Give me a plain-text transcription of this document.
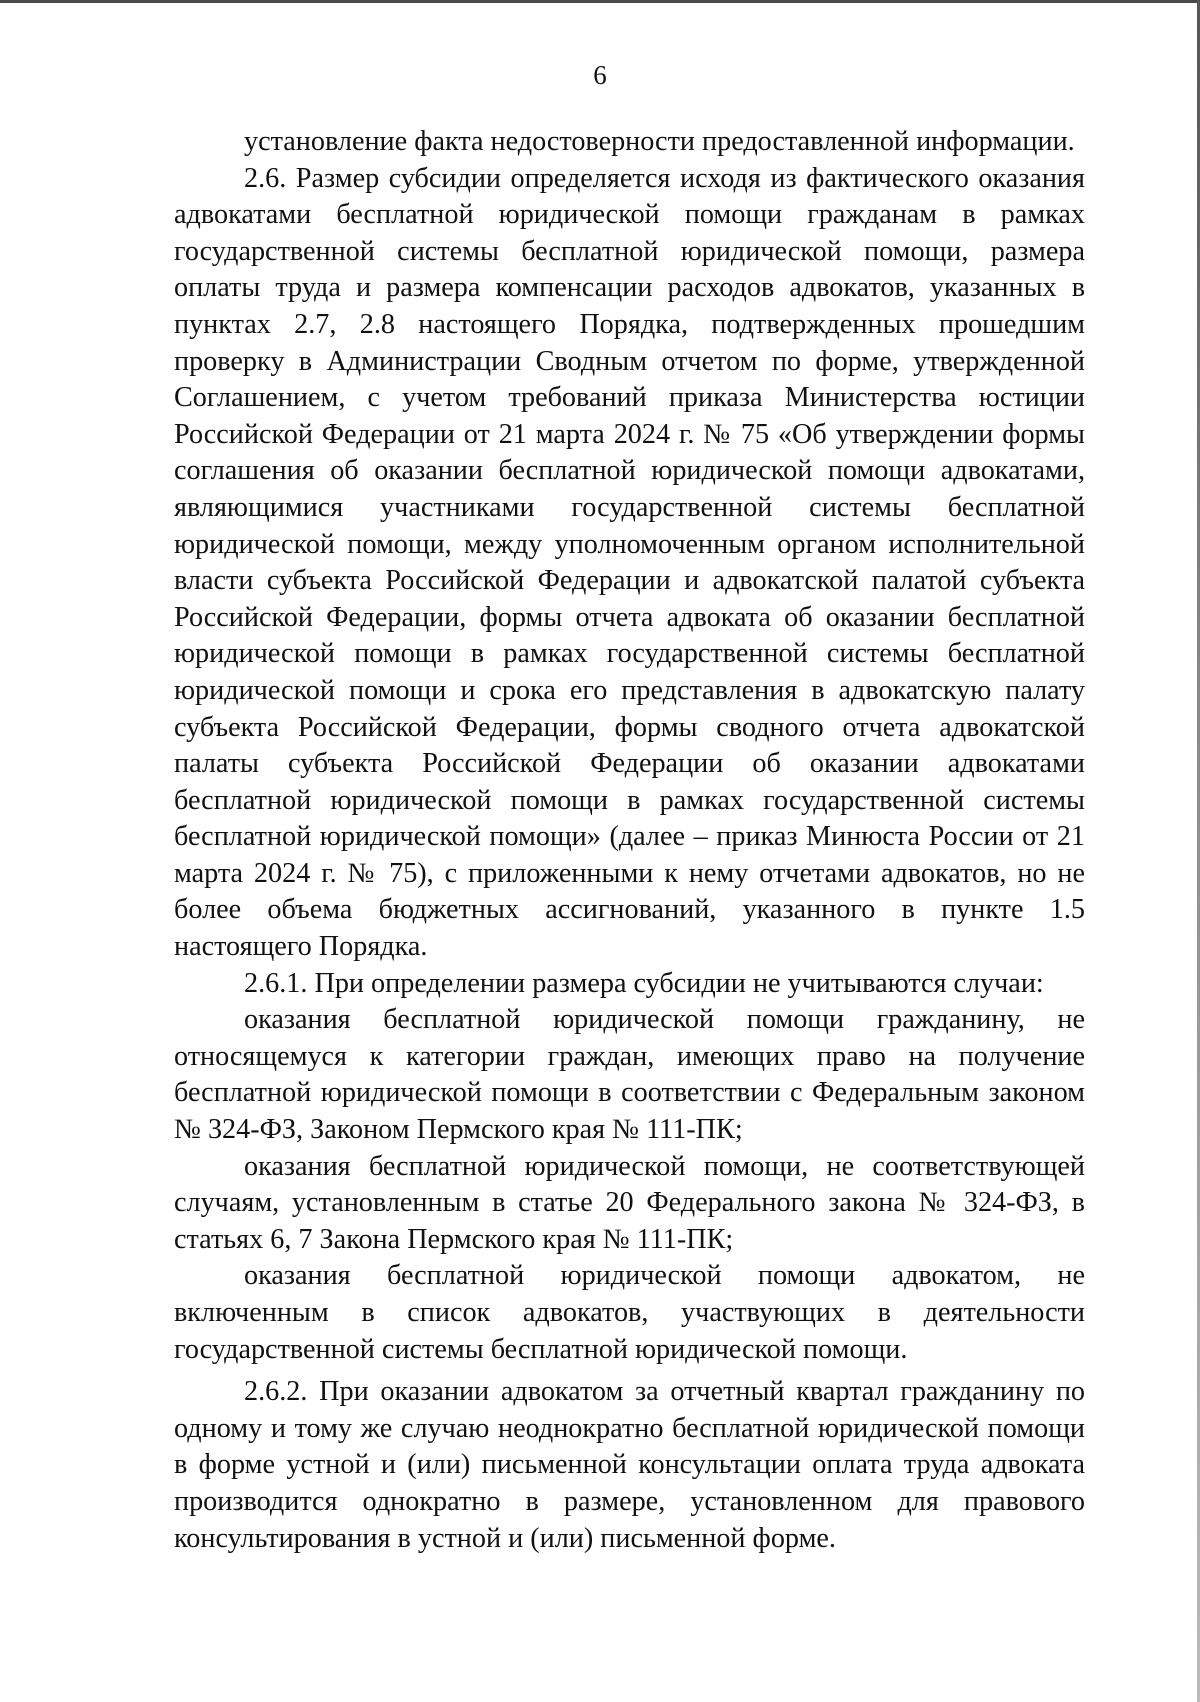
6

установление факта недостоверности предоставленной информации.

2.6. Размер субсидии определяется исходя из фактического оказания адвокатами бесплатной юридической помощи гражданам в рамках государственной системы бесплатной юридической помощи, размера оплаты труда и размера компенсации расходов адвокатов, указанных в пунктах 2.7, 2.8 настоящего Порядка, подтвержденных прошедшим проверку в Администрации Сводным отчетом по форме, утвержденной Соглашением, с учетом требований приказа Министерства юстиции Российской Федерации от 21 марта 2024 г. № 75 «Об утверждении формы соглашения об оказании бесплатной юридической помощи адвокатами, являющимися участниками государственной системы бесплатной юридической помощи, между уполномоченным органом исполнительной власти субъекта Российской Федерации и адвокатской палатой субъекта Российской Федерации, формы отчета адвоката об оказании бесплатной юридической помощи в рамках государственной системы бесплатной юридической помощи и срока его представления в адвокатскую палату субъекта Российской Федерации, формы сводного отчета адвокатской палаты субъекта Российской Федерации об оказании адвокатами бесплатной юридической помощи в рамках государственной системы бесплатной юридической помощи» (далее – приказ Минюста России от 21 марта 2024 г. № 75), с приложенными к нему отчетами адвокатов, но не более объема бюджетных ассигнований, указанного в пункте 1.5 настоящего Порядка.

2.6.1. При определении размера субсидии не учитываются случаи:

оказания бесплатной юридической помощи гражданину, не относящемуся к категории граждан, имеющих право на получение бесплатной юридической помощи в соответствии с Федеральным законом № 324-ФЗ, Законом Пермского края № 111-ПК;

оказания бесплатной юридической помощи, не соответствующей случаям, установленным в статье 20 Федерального закона № 324-ФЗ, в статьях 6, 7 Закона Пермского края № 111-ПК;

оказания бесплатной юридической помощи адвокатом, не включенным в список адвокатов, участвующих в деятельности государственной системы бесплатной юридической помощи.

2.6.2. При оказании адвокатом за отчетный квартал гражданину по одному и тому же случаю неоднократно бесплатной юридической помощи в форме устной и (или) письменной консультации оплата труда адвоката производится однократно в размере, установленном для правового консультирования в устной и (или) письменной форме.
